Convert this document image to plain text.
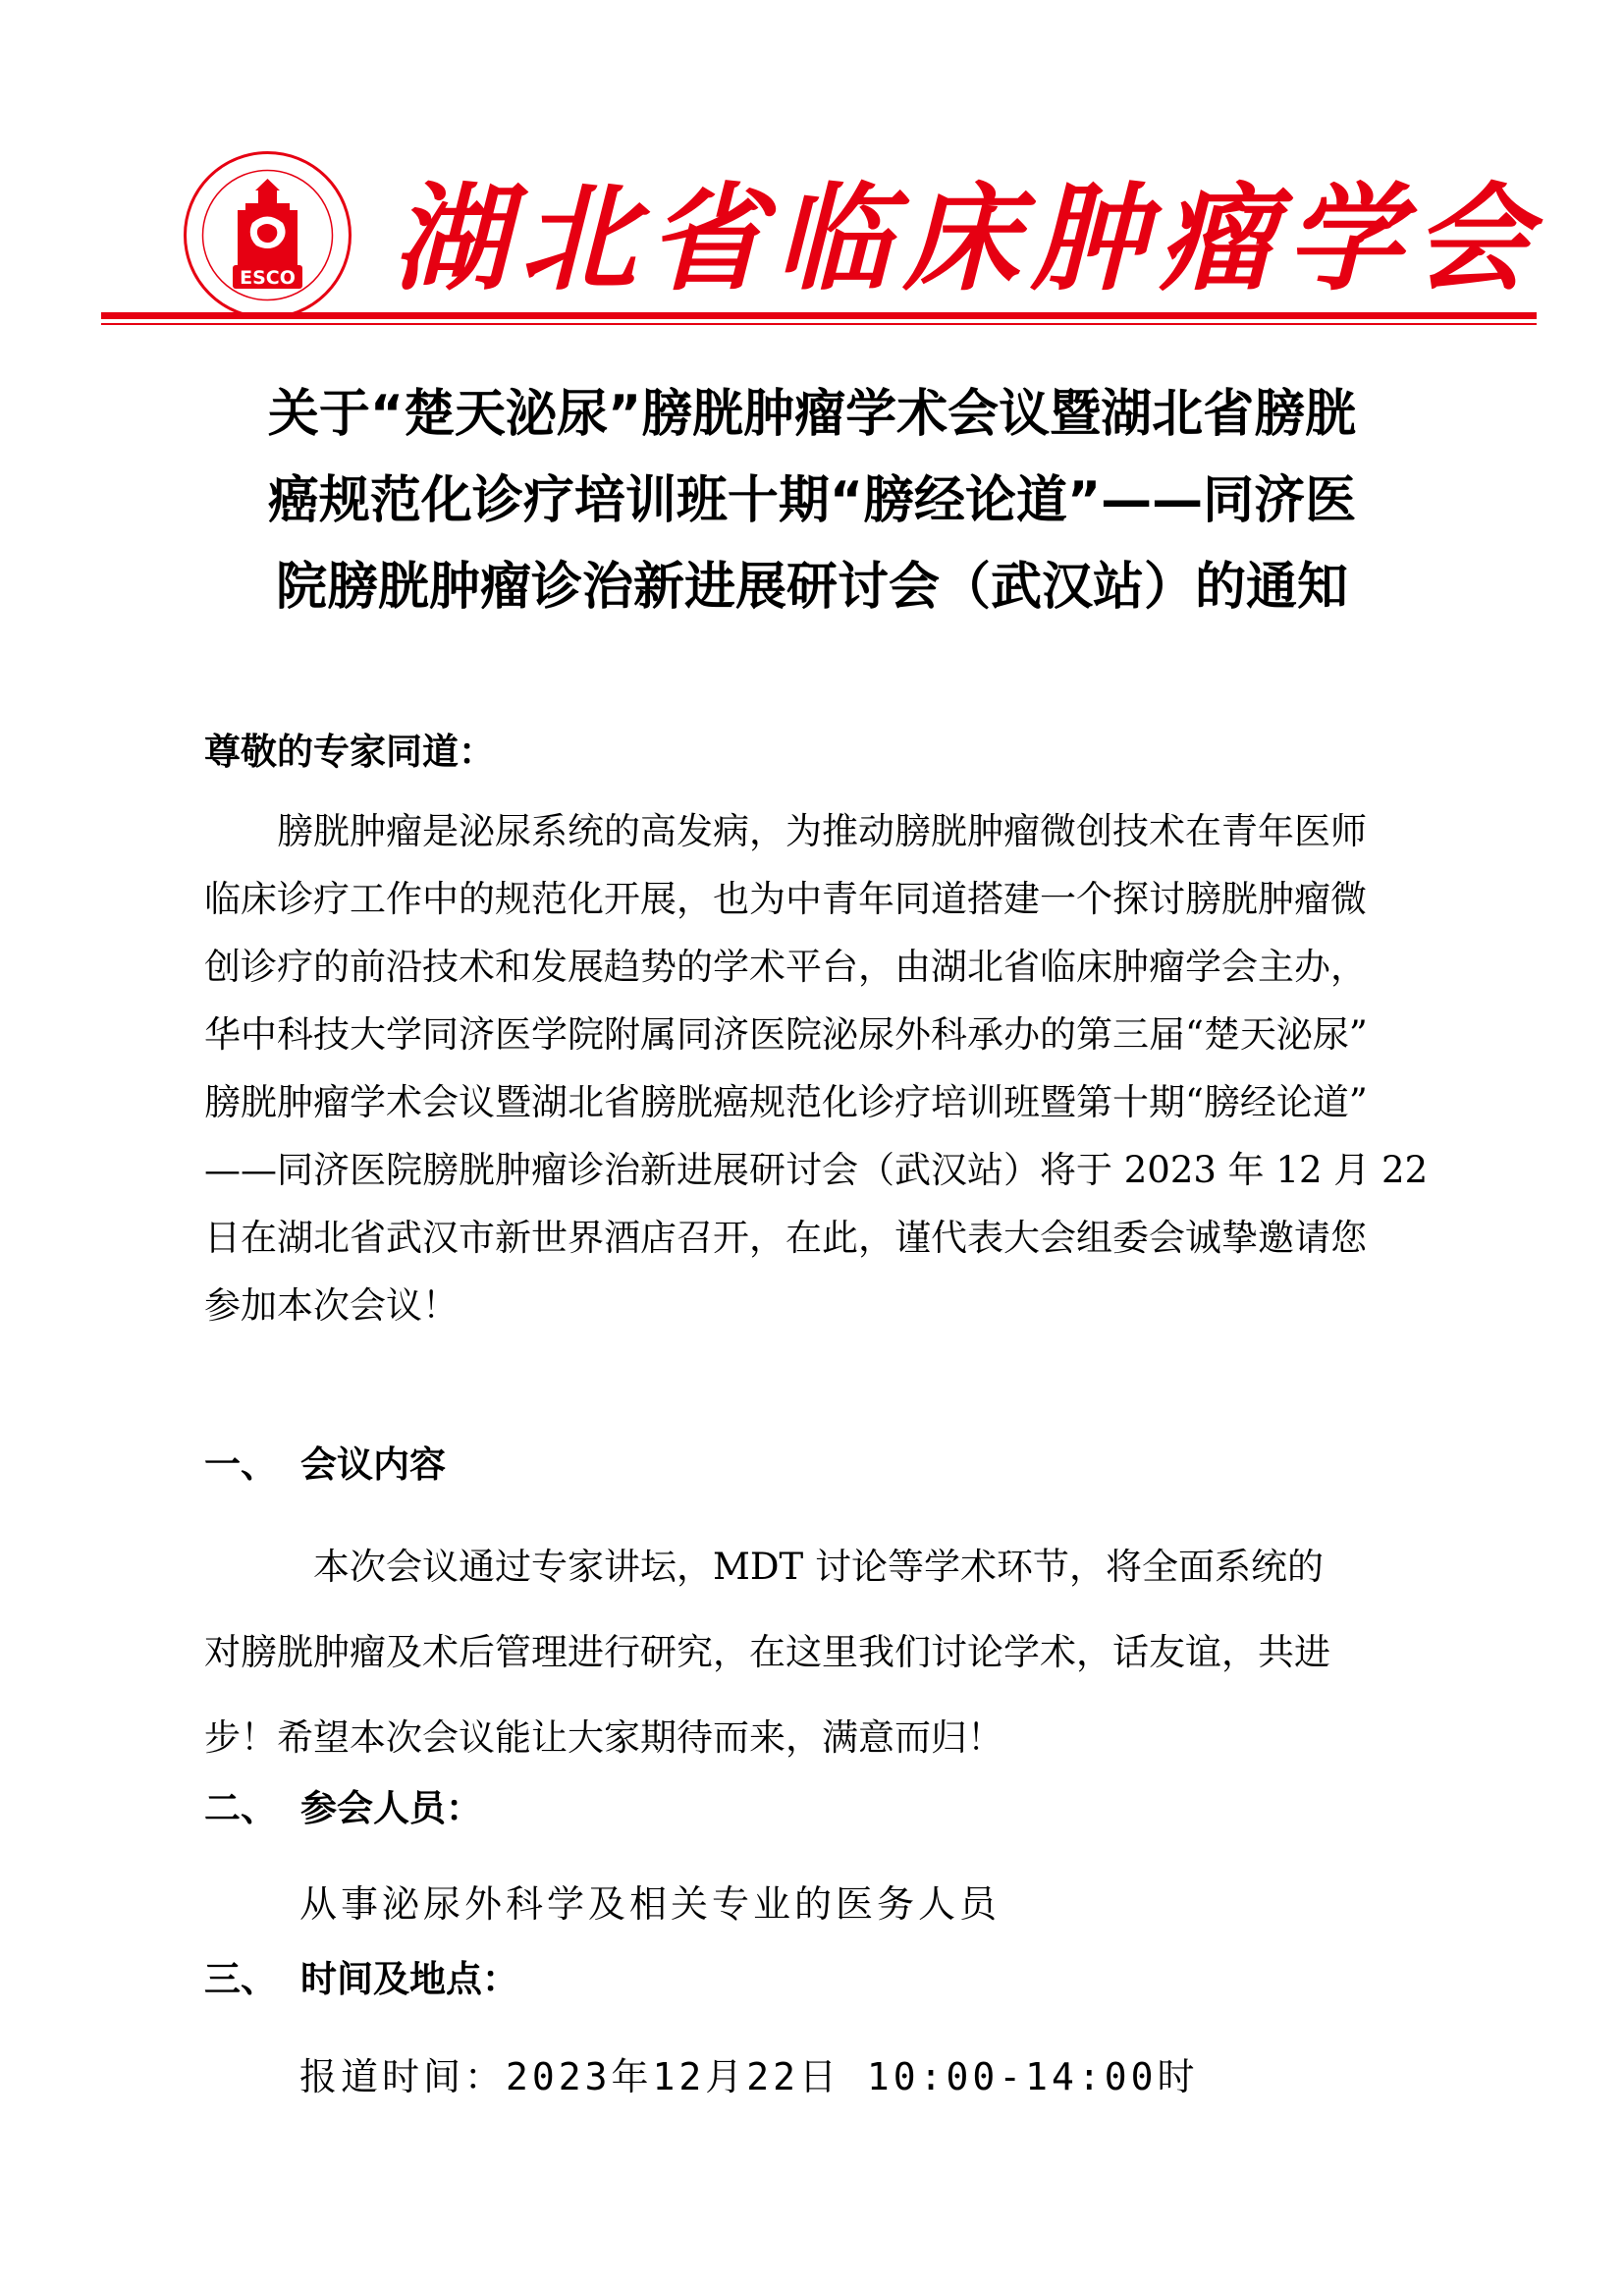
ESCO 湖北省临床肿瘤学会
关于“楚天泌尿”膀胱肿瘤学术会议暨湖北省膀胱
癌规范化诊疗培训班十期“膀经论道”——同济医
院膀胱肿瘤诊治新进展研讨会（武汉站）的通知
尊敬的专家同道：
　　膀胱肿瘤是泌尿系统的高发病，为推动膀胱肿瘤微创技术在青年医师
临床诊疗工作中的规范化开展，也为中青年同道搭建一个探讨膀胱肿瘤微
创诊疗的前沿技术和发展趋势的学术平台，由湖北省临床肿瘤学会主办，
华中科技大学同济医学院附属同济医院泌尿外科承办的第三届“楚天泌尿”
膀胱肿瘤学术会议暨湖北省膀胱癌规范化诊疗培训班暨第十期“膀经论道”
——同济医院膀胱肿瘤诊治新进展研讨会（武汉站）将于 2023 年 12 月 22
日在湖北省武汉市新世界酒店召开，在此，谨代表大会组委会诚挚邀请您
参加本次会议！
一、 会议内容
　　　本次会议通过专家讲坛，MDT 讨论等学术环节，将全面系统的
对膀胱肿瘤及术后管理进行研究，在这里我们讨论学术，话友谊，共进
步！希望本次会议能让大家期待而来，满意而归！
二、 参会人员：
从事泌尿外科学及相关专业的医务人员
三、 时间及地点：
报道时间：2023年12月22日 10:00-14:00时
